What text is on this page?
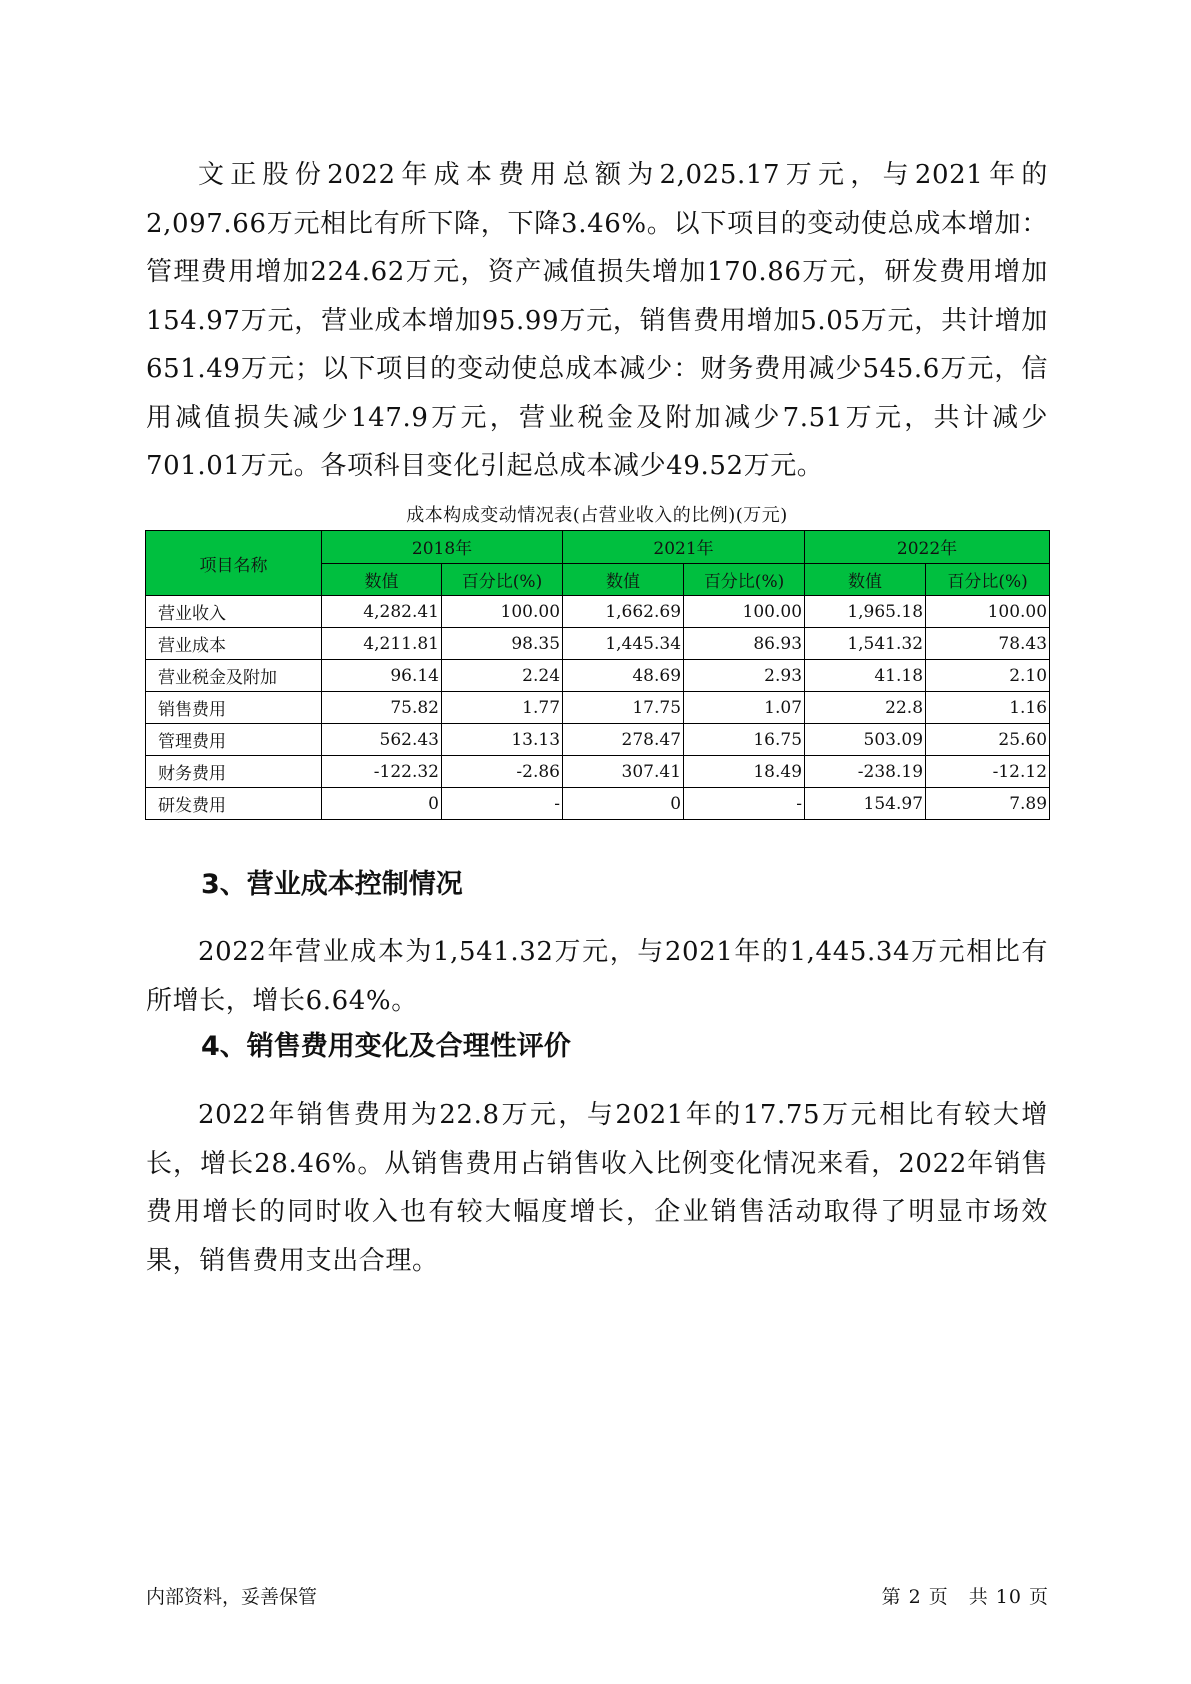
文正股份2022年成本费用总额为2,025.17万元，与2021年的2,097.66万元相比有所下降，下降3.46%。以下项目的变动使总成本增加：管理费用增加224.62万元，资产减值损失增加170.86万元，研发费用增加154.97万元，营业成本增加95.99万元，销售费用增加5.05万元，共计增加651.49万元；以下项目的变动使总成本减少：财务费用减少545.6万元，信用减值损失减少147.9万元，营业税金及附加减少7.51万元，共计减少701.01万元。各项科目变化引起总成本减少49.52万元。

成本构成变动情况表(占营业收入的比例)(万元)
项目名称	2018年		2021年		2022年	
	数值	百分比(%)	数值	百分比(%)	数值	百分比(%)
营业收入	4,282.41	100.00	1,662.69	100.00	1,965.18	100.00
营业成本	4,211.81	98.35	1,445.34	86.93	1,541.32	78.43
营业税金及附加	96.14	2.24	48.69	2.93	41.18	2.10
销售费用	75.82	1.77	17.75	1.07	22.8	1.16
管理费用	562.43	13.13	278.47	16.75	503.09	25.60
财务费用	-122.32	-2.86	307.41	18.49	-238.19	-12.12
研发费用	0	-	0	-	154.97	7.89
3、营业成本控制情况

2022年营业成本为1,541.32万元，与2021年的1,445.34万元相比有所增长，增长6.64%。

4、销售费用变化及合理性评价

2022年销售费用为22.8万元，与2021年的17.75万元相比有较大增长，增长28.46%。从销售费用占销售收入比例变化情况来看，2022年销售费用增长的同时收入也有较大幅度增长，企业销售活动取得了明显市场效果，销售费用支出合理。

内部资料，妥善保管	第 2 页　共 10 页
